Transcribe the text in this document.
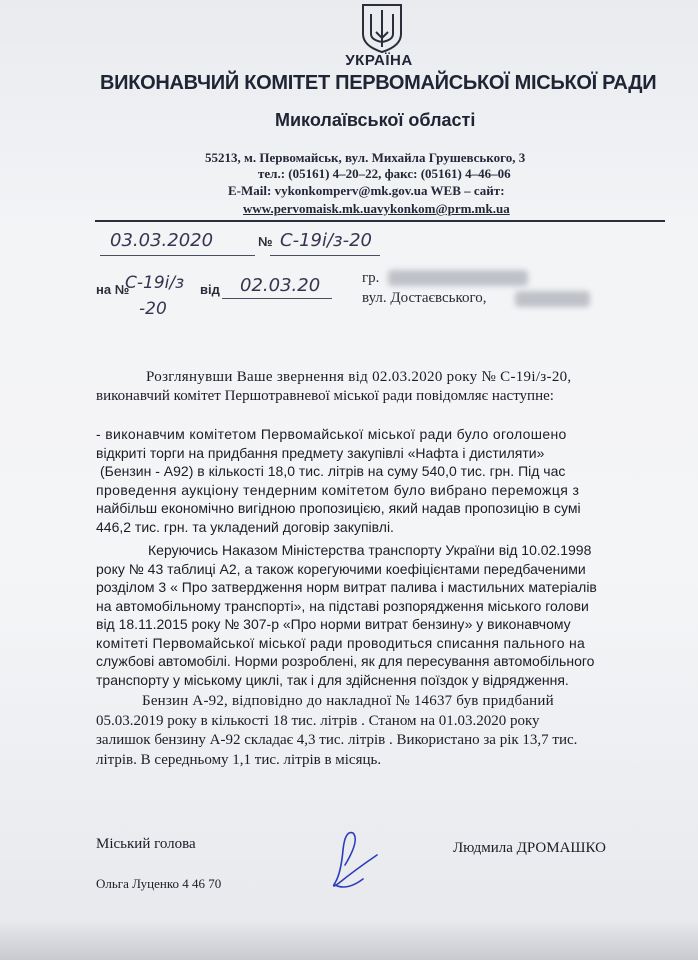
УКРАЇНА
ВИКОНАВЧИЙ КОМІТЕТ ПЕРВОМАЙСЬКОЇ МІСЬКОЇ РАДИ
Миколаївської області
55213, м. Первомайськ, вул. Михайла Грушевського, 3
тел.: (05161) 4–20–22, факс: (05161) 4–46–06
E-Mail: vykonkomperv@mk.gov.ua WEB – сайт:
www.pervomaisk.mk.uavykonkom@prm.mk.ua
03.03.2020	№ С-19і/з-20
на №
С-19і/з
-20
від 02.03.20	гр.
вул. Достаєвського,

Розглянувши Ваше звернення від 02.03.2020 року № С-19і/з-20,

виконавчий комітет Першотравневої міської ради повідомляє наступне:

- виконавчим комітетом Первомайської міської ради було оголошено
відкриті торги на придбання предмету закупівлі «Нафта і дистиляти»
(Бензин - А92) в кількості 18,0 тис. літрів на суму 540,0 тис. грн. Під час
проведення аукціону тендерним комітетом було вибрано переможця з
найбільш економічно вигідною пропозицією, який надав пропозицію в сумі
446,2 тис. грн. та укладений договір закупівлі.
Керуючись Наказом Міністерства транспорту України від 10.02.1998
року № 43 таблиці А2, а також корегуючими коефіцієнтами передбаченими
розділом 3 « Про затвердження норм витрат палива і мастильних матеріалів
на автомобільному транспорті», на підставі розпорядження міського голови
від 18.11.2015 року № 307-р «Про норми витрат бензину» у виконавчому
комітеті Первомайської міської ради проводиться списання пального на
службові автомобілі. Норми розроблені, як для пересування автомобільного
транспорту у міському циклі, так і для здійснення поїздок у відрядження.
Бензин А-92, відповідно до накладної № 14637 був придбаний
05.03.2019 року в кількості 18 тис. літрів . Станом на 01.03.2020 року
залишок бензину А-92 складає 4,3 тис. літрів . Використано за рік 13,7 тис.
літрів. В середньому 1,1 тис. літрів в місяць.
Міський голова	Людмила ДРОМАШКО
Ольга Луценко 4 46 70
